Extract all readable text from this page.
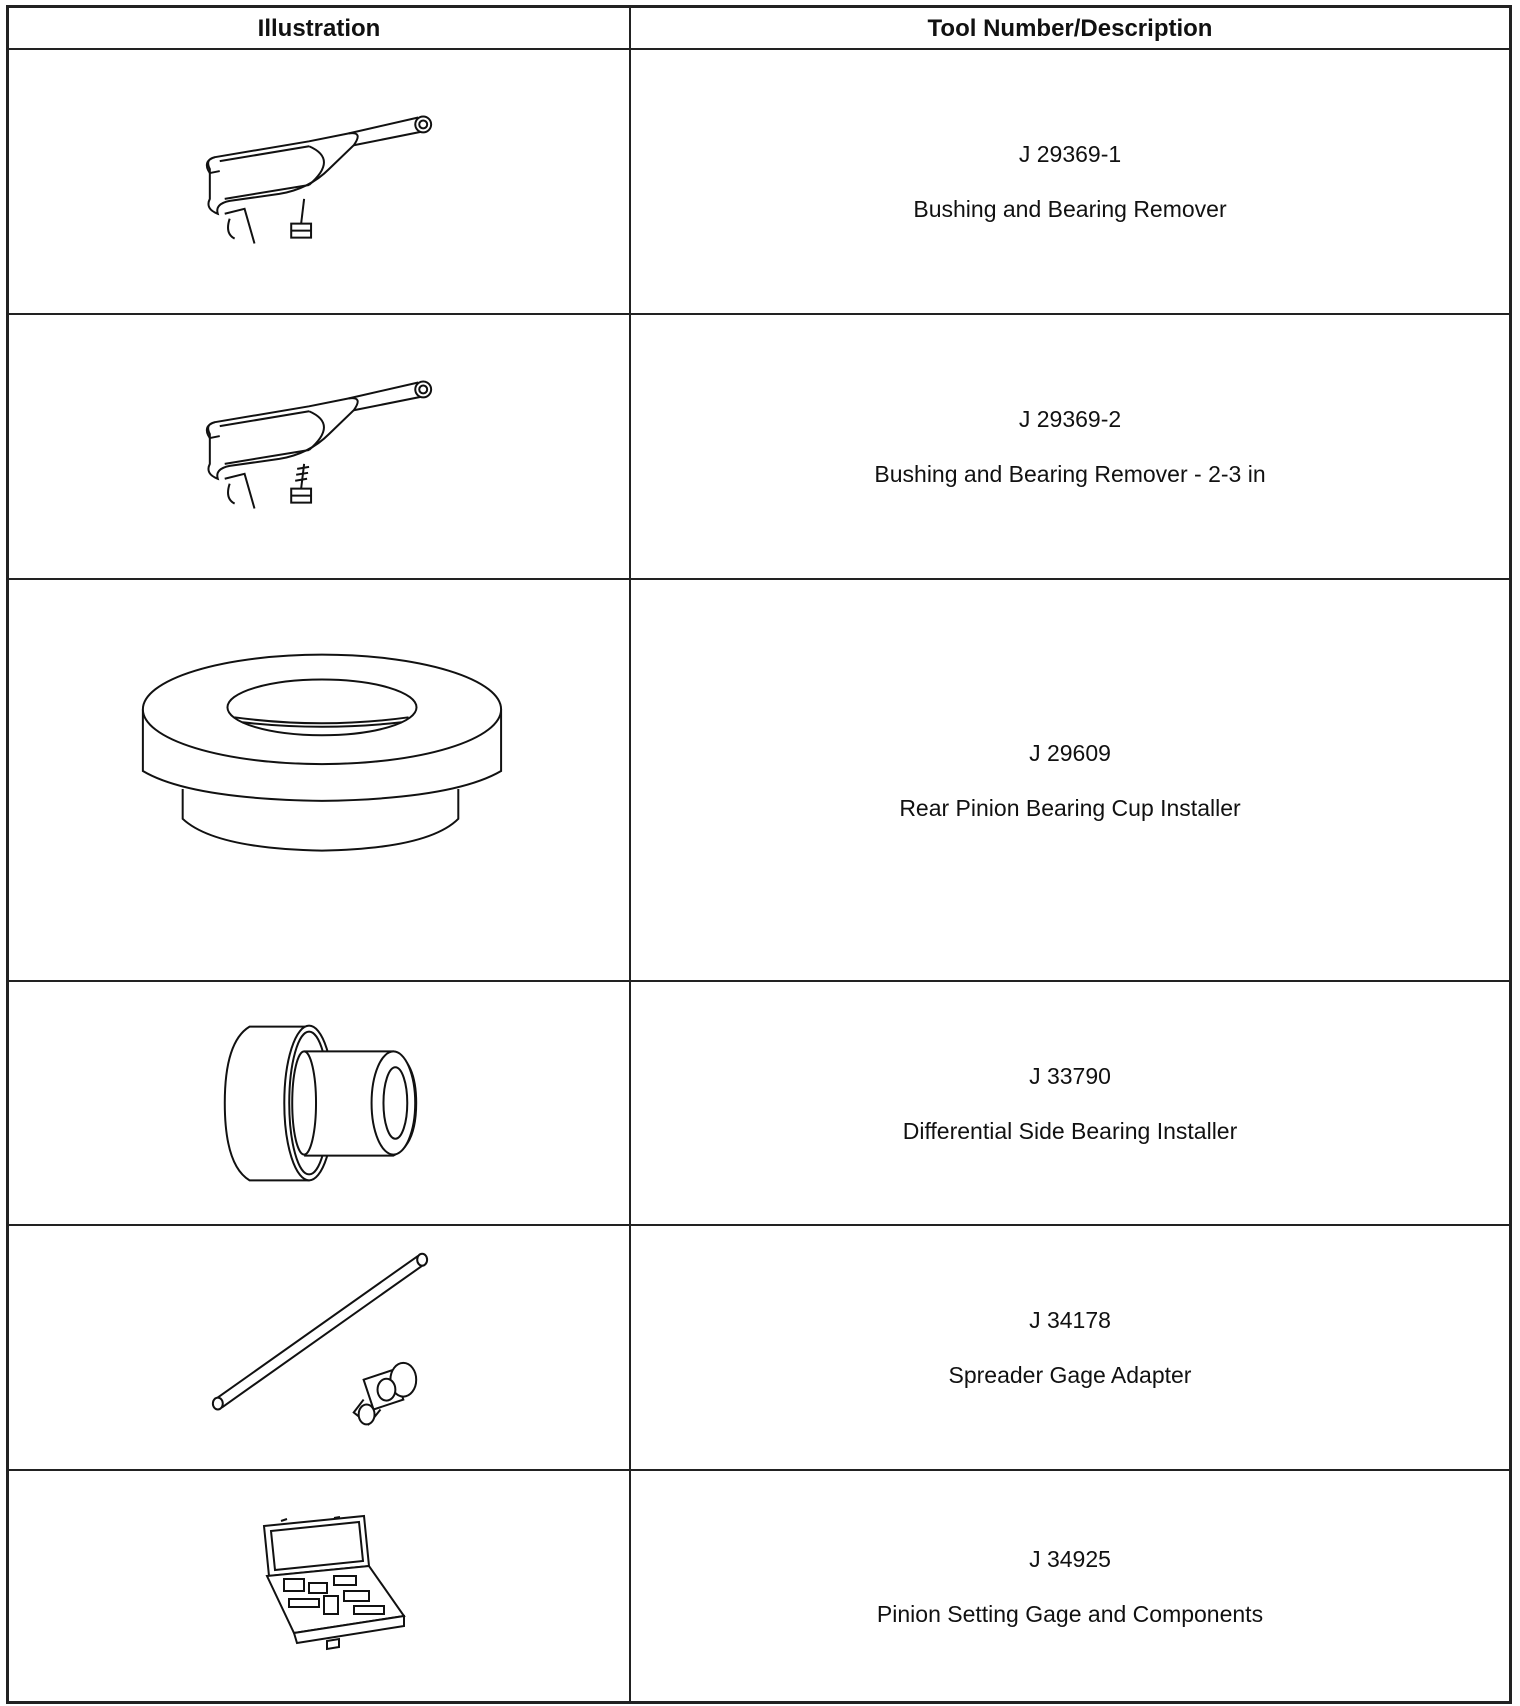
Illustration	Tool Number/Description
J 29369-1
Bushing and Bearing Remover
J 29369-2
Bushing and Bearing Remover - 2-3 in
J 29609
Rear Pinion Bearing Cup Installer
J 33790
Differential Side Bearing Installer
J 34178
Spreader Gage Adapter
J 34925
Pinion Setting Gage and Components
